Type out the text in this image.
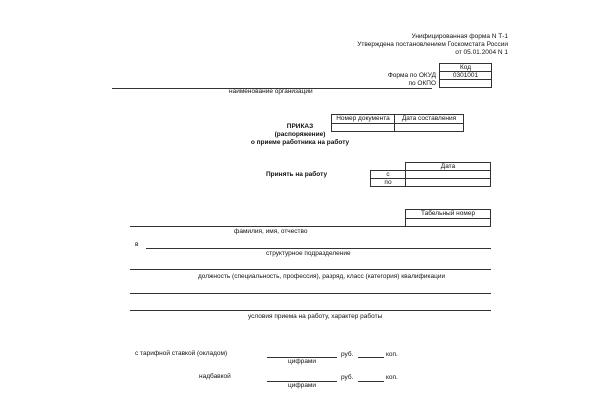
Унифицированная форма N Т-1
Утверждена постановлением Госкомстата России
от 05.01.2004 N 1
Код
Форма по ОКУД	0301001
по ОКПО
наименование организации
Номер документа	Дата составления
ПРИКАЗ
(распоряжение)
о приеме работника на работу
Дата
Принять на работу	с
по
Табельный номер
фамилия, имя, отчество
в
структурное подразделение
должность (специальность, профессия), разряд, класс (категория) квалификации
условия приема на работу, характер работы
с тарифной ставкой (окладом)	руб.	коп.
цифрами
надбавкой	руб.	коп.
цифрами
